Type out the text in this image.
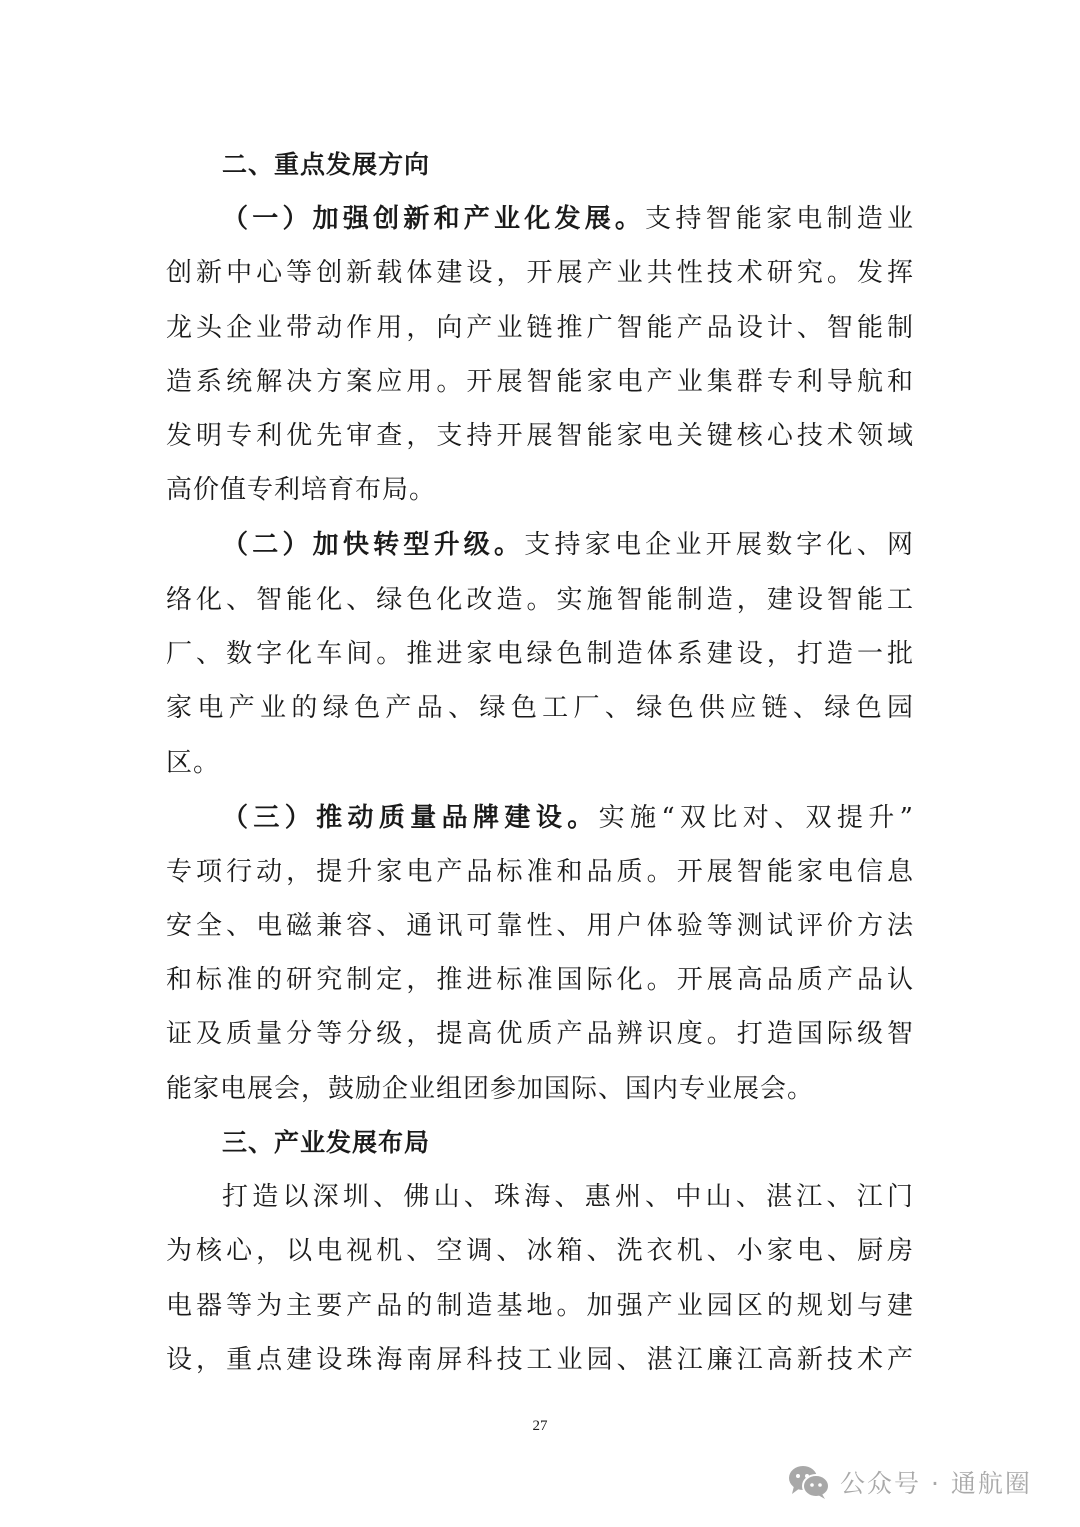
二、重点发展方向
（一）加强创新和产业化发展。支持智能家电制造业
创新中心等创新载体建设，开展产业共性技术研究。发挥
龙头企业带动作用，向产业链推广智能产品设计、智能制
造系统解决方案应用。开展智能家电产业集群专利导航和
发明专利优先审查，支持开展智能家电关键核心技术领域
高价值专利培育布局。
（二）加快转型升级。支持家电企业开展数字化、网
络化、智能化、绿色化改造。实施智能制造，建设智能工
厂、数字化车间。推进家电绿色制造体系建设，打造一批
家电产业的绿色产品、绿色工厂、绿色供应链、绿色园
区。
（三）推动质量品牌建设。实施“双比对、双提升”
专项行动，提升家电产品标准和品质。开展智能家电信息
安全、电磁兼容、通讯可靠性、用户体验等测试评价方法
和标准的研究制定，推进标准国际化。开展高品质产品认
证及质量分等分级，提高优质产品辨识度。打造国际级智
能家电展会，鼓励企业组团参加国际、国内专业展会。
三、产业发展布局
打造以深圳、佛山、珠海、惠州、中山、湛江、江门
为核心，以电视机、空调、冰箱、洗衣机、小家电、厨房
电器等为主要产品的制造基地。加强产业园区的规划与建
设，重点建设珠海南屏科技工业园、湛江廉江高新技术产
27
公众号 · 通航圈
